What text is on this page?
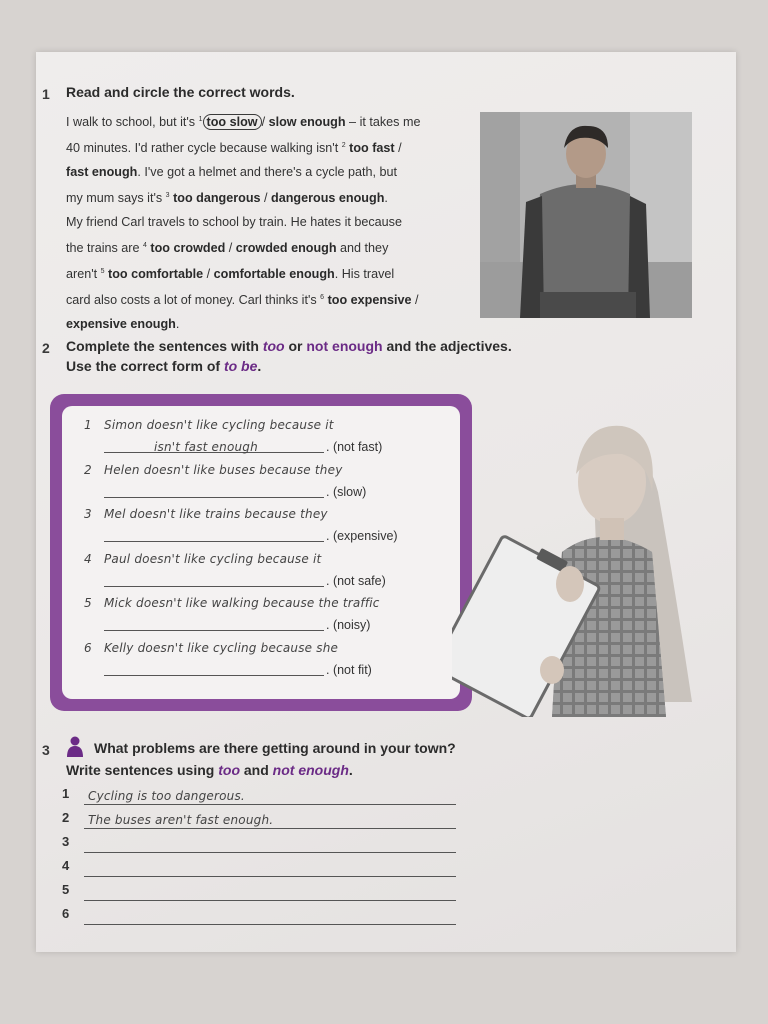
1 Read and circle the correct words.
I walk to school, but it's $^1$ too slow / slow enough – it takes me
40 minutes. I'd rather cycle because walking isn't $^2$ too fast /
fast enough. I've got a helmet and there's a cycle path, but
my mum says it's $^3$ too dangerous / dangerous enough.
My friend Carl travels to school by train. He hates it because
the trains are $^4$ too crowded / crowded enough and they
aren't $^5$ too comfortable / comfortable enough. His travel
card also costs a lot of money. Carl thinks it's $^6$ too expensive /
expensive enough.
2 Complete the sentences with too or not enough and the adjectives.
Use the correct form of to be.
1 Simon doesn't like cycling because it
isn't fast enough	. (not fast)
2 Helen doesn't like buses because they
. (slow)
3 Mel doesn't like trains because they
. (expensive)
4 Paul doesn't like cycling because it
. (not safe)
5 Mick doesn't like walking because the traffic
. (noisy)
6 Kelly doesn't like cycling because she
. (not fit)
3	What problems are there getting around in your town?
Write sentences using too and not enough.
1 Cycling is too dangerous.
2 The buses aren't fast enough.
3
4
5
6
